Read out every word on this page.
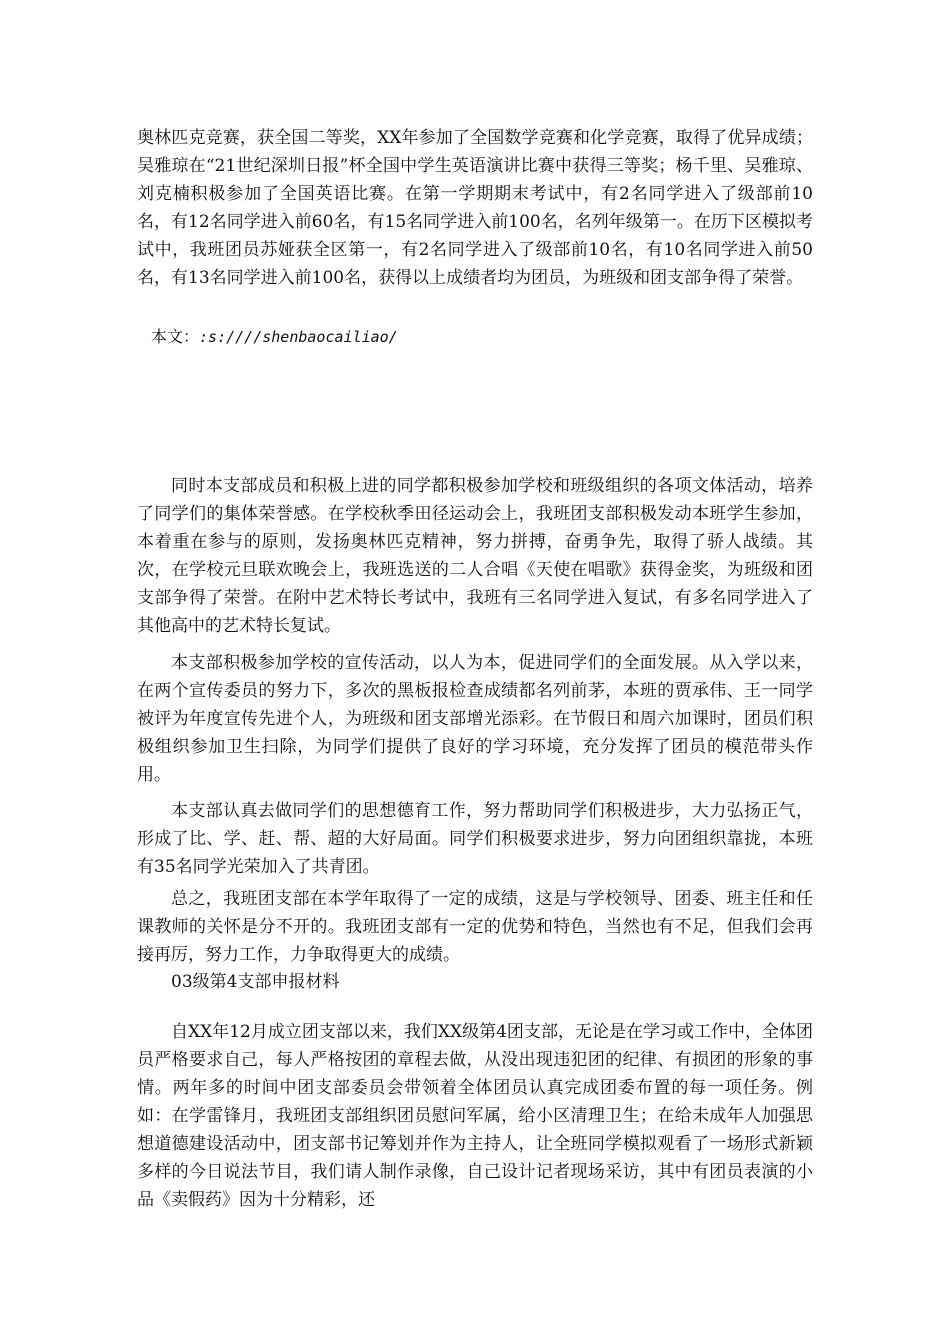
奥林匹克竞赛，获全国二等奖，XX年参加了全国数学竞赛和化学竞赛，取得了优异成绩；吴雅琼在“21世纪深圳日报”杯全国中学生英语演讲比赛中获得三等奖；杨千里、吴雅琼、刘克楠积极参加了全国英语比赛。在第一学期期末考试中，有2名同学进入了级部前10名，有12名同学进入前60名，有15名同学进入前100名，名列年级第一。在历下区模拟考试中，我班团员苏娅获全区第一，有2名同学进入了级部前10名，有10名同学进入前50名，有13名同学进入前100名，获得以上成绩者均为团员，为班级和团支部争得了荣誉。

本文：:s:////shenbaocailiao/

同时本支部成员和积极上进的同学都积极参加学校和班级组织的各项文体活动，培养了同学们的集体荣誉感。在学校秋季田径运动会上，我班团支部积极发动本班学生参加，本着重在参与的原则，发扬奥林匹克精神，努力拼搏，奋勇争先，取得了骄人战绩。其次，在学校元旦联欢晚会上，我班选送的二人合唱《天使在唱歌》获得金奖，为班级和团支部争得了荣誉。在附中艺术特长考试中，我班有三名同学进入复试，有多名同学进入了其他高中的艺术特长复试。

本支部积极参加学校的宣传活动，以人为本，促进同学们的全面发展。从入学以来，在两个宣传委员的努力下，多次的黑板报检查成绩都名列前茅，本班的贾承伟、王一同学被评为年度宣传先进个人，为班级和团支部增光添彩。在节假日和周六加课时，团员们积极组织参加卫生扫除，为同学们提供了良好的学习环境，充分发挥了团员的模范带头作用。

本支部认真去做同学们的思想德育工作，努力帮助同学们积极进步，大力弘扬正气，形成了比、学、赶、帮、超的大好局面。同学们积极要求进步，努力向团组织靠拢，本班有35名同学光荣加入了共青团。

总之，我班团支部在本学年取得了一定的成绩，这是与学校领导、团委、班主任和任课教师的关怀是分不开的。我班团支部有一定的优势和特色，当然也有不足，但我们会再接再厉，努力工作，力争取得更大的成绩。

03级第4支部申报材料

自XX年12月成立团支部以来，我们XX级第4团支部，无论是在学习或工作中，全体团员严格要求自己，每人严格按团的章程去做，从没出现违犯团的纪律、有损团的形象的事情。两年多的时间中团支部委员会带领着全体团员认真完成团委布置的每一项任务。例如：在学雷锋月，我班团支部组织团员慰问军属，给小区清理卫生；在给未成年人加强思想道德建设活动中，团支部书记筹划并作为主持人，让全班同学模拟观看了一场形式新颖多样的今日说法节目，我们请人制作录像，自己设计记者现场采访，其中有团员表演的小品《卖假药》因为十分精彩，还
